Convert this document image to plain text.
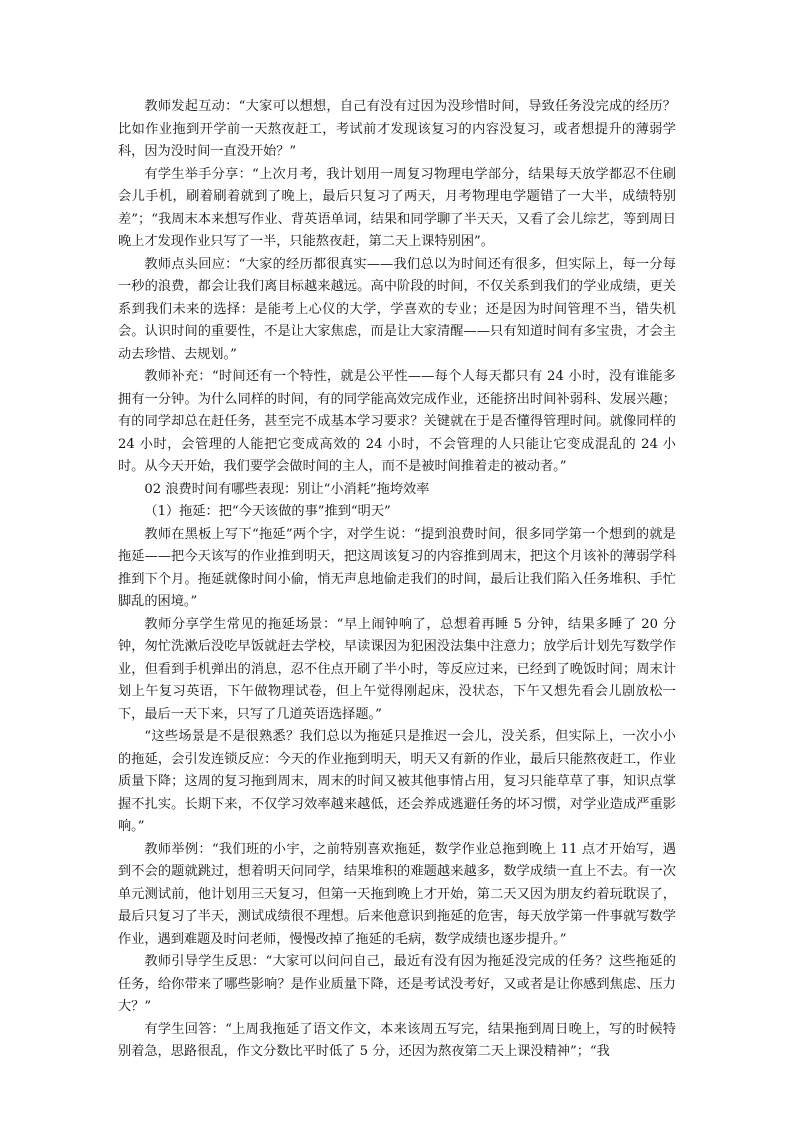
教师发起互动：“大家可以想想，自己有没有过因为没珍惜时间，导致任务没完成的经历？比如作业拖到开学前一天熬夜赶工，考试前才发现该复习的内容没复习，或者想提升的薄弱学科，因为没时间一直没开始？”

有学生举手分享：“上次月考，我计划用一周复习物理电学部分，结果每天放学都忍不住刷会儿手机，刷着刷着就到了晚上，最后只复习了两天，月考物理电学题错了一大半，成绩特别差”；“我周末本来想写作业、背英语单词，结果和同学聊了半天天，又看了会儿综艺，等到周日晚上才发现作业只写了一半，只能熬夜赶，第二天上课特别困”。

教师点头回应：“大家的经历都很真实——我们总以为时间还有很多，但实际上，每一分每一秒的浪费，都会让我们离目标越来越远。高中阶段的时间，不仅关系到我们的学业成绩，更关系到我们未来的选择：是能考上心仪的大学，学喜欢的专业；还是因为时间管理不当，错失机会。认识时间的重要性，不是让大家焦虑，而是让大家清醒——只有知道时间有多宝贵，才会主动去珍惜、去规划。”

教师补充：“时间还有一个特性，就是公平性——每个人每天都只有 24 小时，没有谁能多拥有一分钟。为什么同样的时间，有的同学能高效完成作业，还能挤出时间补弱科、发展兴趣；有的同学却总在赶任务，甚至完不成基本学习要求？关键就在于是否懂得管理时间。就像同样的 24 小时，会管理的人能把它变成高效的 24 小时，不会管理的人只能让它变成混乱的 24 小时。从今天开始，我们要学会做时间的主人，而不是被时间推着走的被动者。”

02 浪费时间有哪些表现：别让“小消耗”拖垮效率

（1）拖延：把“今天该做的事”推到“明天”

教师在黑板上写下“拖延”两个字，对学生说：“提到浪费时间，很多同学第一个想到的就是拖延——把今天该写的作业推到明天，把这周该复习的内容推到周末，把这个月该补的薄弱学科推到下个月。拖延就像时间小偷，悄无声息地偷走我们的时间，最后让我们陷入任务堆积、手忙脚乱的困境。”

教师分享学生常见的拖延场景：“早上闹钟响了，总想着再睡 5 分钟，结果多睡了 20 分钟，匆忙洗漱后没吃早饭就赶去学校，早读课因为犯困没法集中注意力；放学后计划先写数学作业，但看到手机弹出的消息，忍不住点开刷了半小时，等反应过来，已经到了晚饭时间；周末计划上午复习英语，下午做物理试卷，但上午觉得刚起床，没状态，下午又想先看会儿剧放松一下，最后一天下来，只写了几道英语选择题。”

“这些场景是不是很熟悉？我们总以为拖延只是推迟一会儿，没关系，但实际上，一次小小的拖延，会引发连锁反应：今天的作业拖到明天，明天又有新的作业，最后只能熬夜赶工，作业质量下降；这周的复习拖到周末，周末的时间又被其他事情占用，复习只能草草了事，知识点掌握不扎实。长期下来，不仅学习效率越来越低，还会养成逃避任务的坏习惯，对学业造成严重影响。”

教师举例：“我们班的小宇，之前特别喜欢拖延，数学作业总拖到晚上 11 点才开始写，遇到不会的题就跳过，想着明天问同学，结果堆积的难题越来越多，数学成绩一直上不去。有一次单元测试前，他计划用三天复习，但第一天拖到晚上才开始，第二天又因为朋友约着玩耽误了，最后只复习了半天，测试成绩很不理想。后来他意识到拖延的危害，每天放学第一件事就写数学作业，遇到难题及时问老师，慢慢改掉了拖延的毛病，数学成绩也逐步提升。”

教师引导学生反思：“大家可以问问自己，最近有没有因为拖延没完成的任务？这些拖延的任务，给你带来了哪些影响？是作业质量下降，还是考试没考好，又或者是让你感到焦虑、压力大？”

有学生回答：“上周我拖延了语文作文，本来该周五写完，结果拖到周日晚上，写的时候特别着急，思路很乱，作文分数比平时低了 5 分，还因为熬夜第二天上课没精神”；“我
